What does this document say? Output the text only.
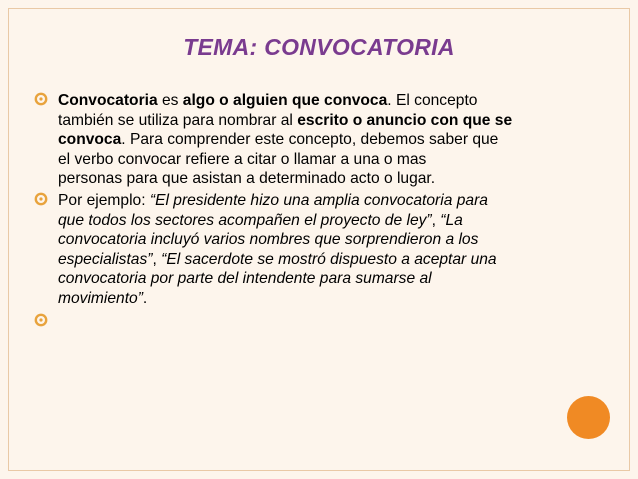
TEMA: CONVOCATORIA
Convocatoria es algo o alguien que convoca. El concepto
también se utiliza para nombrar al escrito o anuncio con que se
convoca. Para comprender este concepto, debemos saber que
el verbo convocar refiere a citar o llamar a una o mas
personas para que asistan a determinado acto o lugar.
Por ejemplo: “El presidente hizo una amplia convocatoria para
que todos los sectores acompañen el proyecto de ley”, “La
convocatoria incluyó varios nombres que sorprendieron a los
especialistas”, “El sacerdote se mostró dispuesto a aceptar una
convocatoria por parte del intendente para sumarse al
movimiento”.
